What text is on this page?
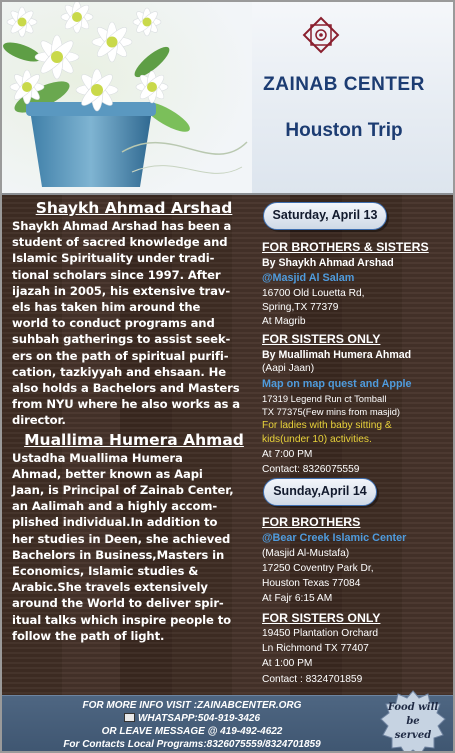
ZAINAB CENTER
Houston Trip
Shaykh Ahmad Arshad
Shaykh Ahmad Arshad has been a
student of sacred knowledge and
Islamic Spirituality under tradi-
tional scholars since 1997. After
ijazah in 2005, his extensive trav-
els has taken him around the
world to conduct programs and
suhbah gatherings to assist seek-
ers on the path of spiritual purifi-
cation, tazkiyyah and ehsaan. He
also holds a Bachelors and Masters
from NYU where he also works as a
director.
Muallima Humera Ahmad
Ustadha Muallima Humera
Ahmad, better known as Aapi
Jaan, is Principal of Zainab Center,
an Aalimah and a highly accom-
plished individual.In addition to
her studies in Deen, she achieved
Bachelors in Business,Masters in
Economics, Islamic studies &
Arabic.She travels extensively
around the World to deliver spir-
itual talks which inspire people to
follow the path of light.
Saturday, April 13
FOR BROTHERS & SISTERS
By Shaykh Ahmad Arshad
@Masjid Al Salam
16700 Old Louetta Rd,
Spring,TX 77379
At Magrib
FOR SISTERS ONLY
By Muallimah Humera Ahmad
(Aapi Jaan)
Map on map quest and Apple
17319 Legend Run ct Tomball
TX 77375(Few mins from masjid)
For ladies with baby sitting &
kids(under 10) activities.
At 7:00 PM
Contact: 8326075559
Sunday,April 14
FOR BROTHERS
@Bear Creek Islamic Center
(Masjid Al-Mustafa)
17250 Coventry Park Dr,
Houston Texas 77084
At Fajr 6:15 AM
FOR SISTERS ONLY
19450 Plantation Orchard
Ln Richmond TX 77407
At 1:00 PM
Contact : 8324701859
FOR MORE INFO VISIT :ZAINABCENTER.ORG
WHATSAPP:504-919-3426
OR LEAVE MESSAGE @ 419-492-4622
For Contacts Local Programs:8326075559/8324701859
Food will
be
served
